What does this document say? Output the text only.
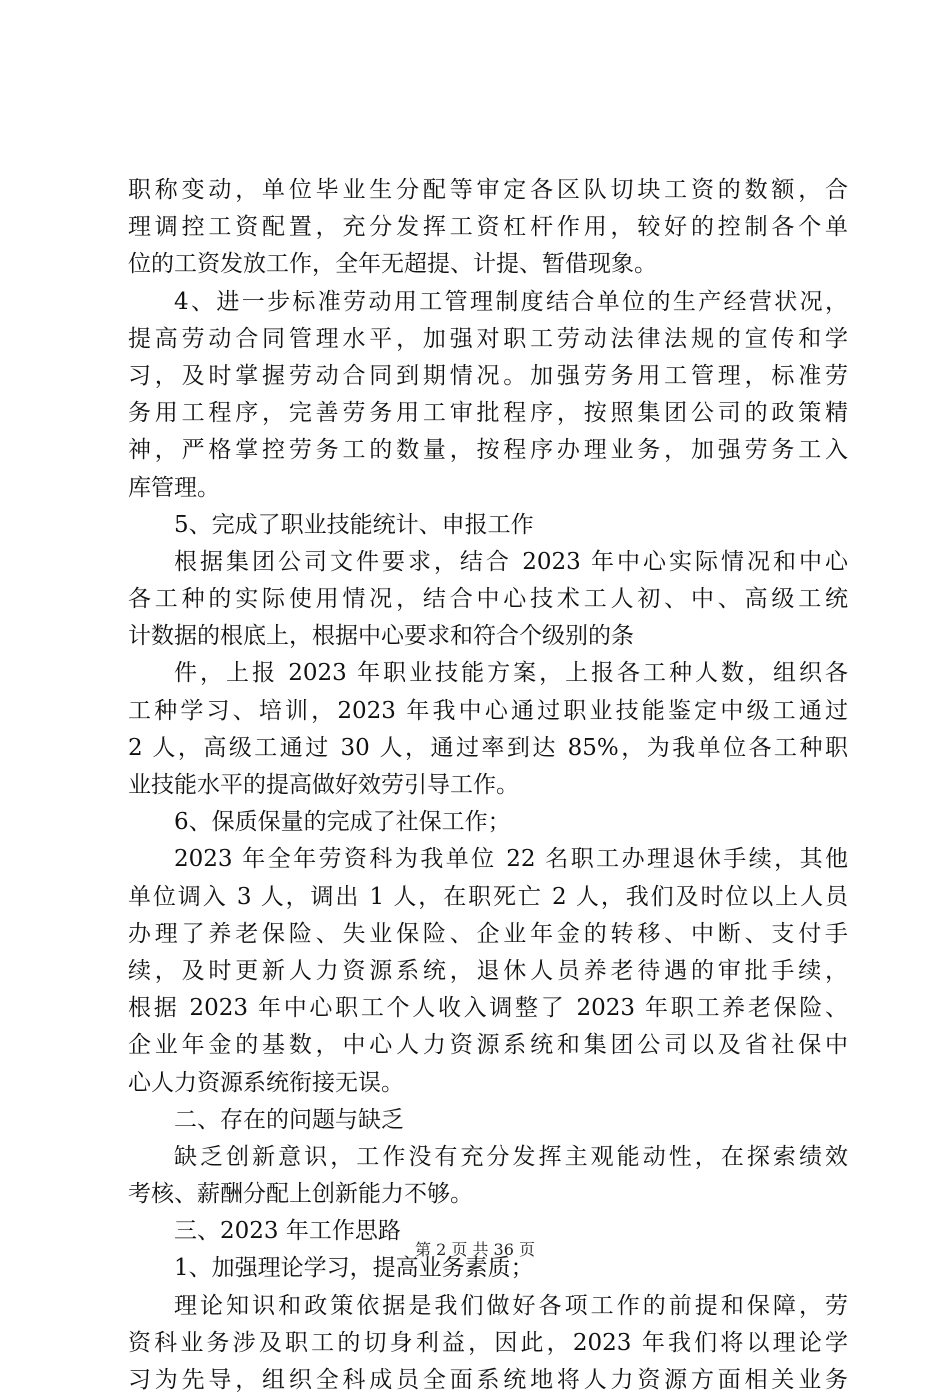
职称变动，单位毕业生分配等审定各区队切块工资的数额，合
理调控工资配置，充分发挥工资杠杆作用，较好的控制各个单
位的工资发放工作，全年无超提、计提、暂借现象。
4、进一步标准劳动用工管理制度结合单位的生产经营状况，
提高劳动合同管理水平，加强对职工劳动法律法规的宣传和学
习，及时掌握劳动合同到期情况。加强劳务用工管理，标准劳
务用工程序，完善劳务用工审批程序，按照集团公司的政策精
神，严格掌控劳务工的数量，按程序办理业务，加强劳务工入
库管理。
5、完成了职业技能统计、申报工作
根据集团公司文件要求，结合 2023 年中心实际情况和中心
各工种的实际使用情况，结合中心技术工人初、中、高级工统
计数据的根底上，根据中心要求和符合个级别的条
件，上报 2023 年职业技能方案，上报各工种人数，组织各
工种学习、培训，2023 年我中心通过职业技能鉴定中级工通过
2 人，高级工通过 30 人，通过率到达 85%，为我单位各工种职
业技能水平的提高做好效劳引导工作。
6、保质保量的完成了社保工作；
2023 年全年劳资科为我单位 22 名职工办理退休手续，其他
单位调入 3 人，调出 1 人，在职死亡 2 人，我们及时位以上人员
办理了养老保险、失业保险、企业年金的转移、中断、支付手
续，及时更新人力资源系统，退休人员养老待遇的审批手续，
根据 2023 年中心职工个人收入调整了 2023 年职工养老保险、
企业年金的基数，中心人力资源系统和集团公司以及省社保中
心人力资源系统衔接无误。
二、存在的问题与缺乏
缺乏创新意识，工作没有充分发挥主观能动性，在探索绩效
考核、薪酬分配上创新能力不够。
三、2023 年工作思路
1、加强理论学习，提高业务素质；
理论知识和政策依据是我们做好各项工作的前提和保障，劳
资科业务涉及职工的切身利益，因此，2023 年我们将以理论学
习为先导，组织全科成员全面系统地将人力资源方面相关业务
第 2 页 共 36 页
